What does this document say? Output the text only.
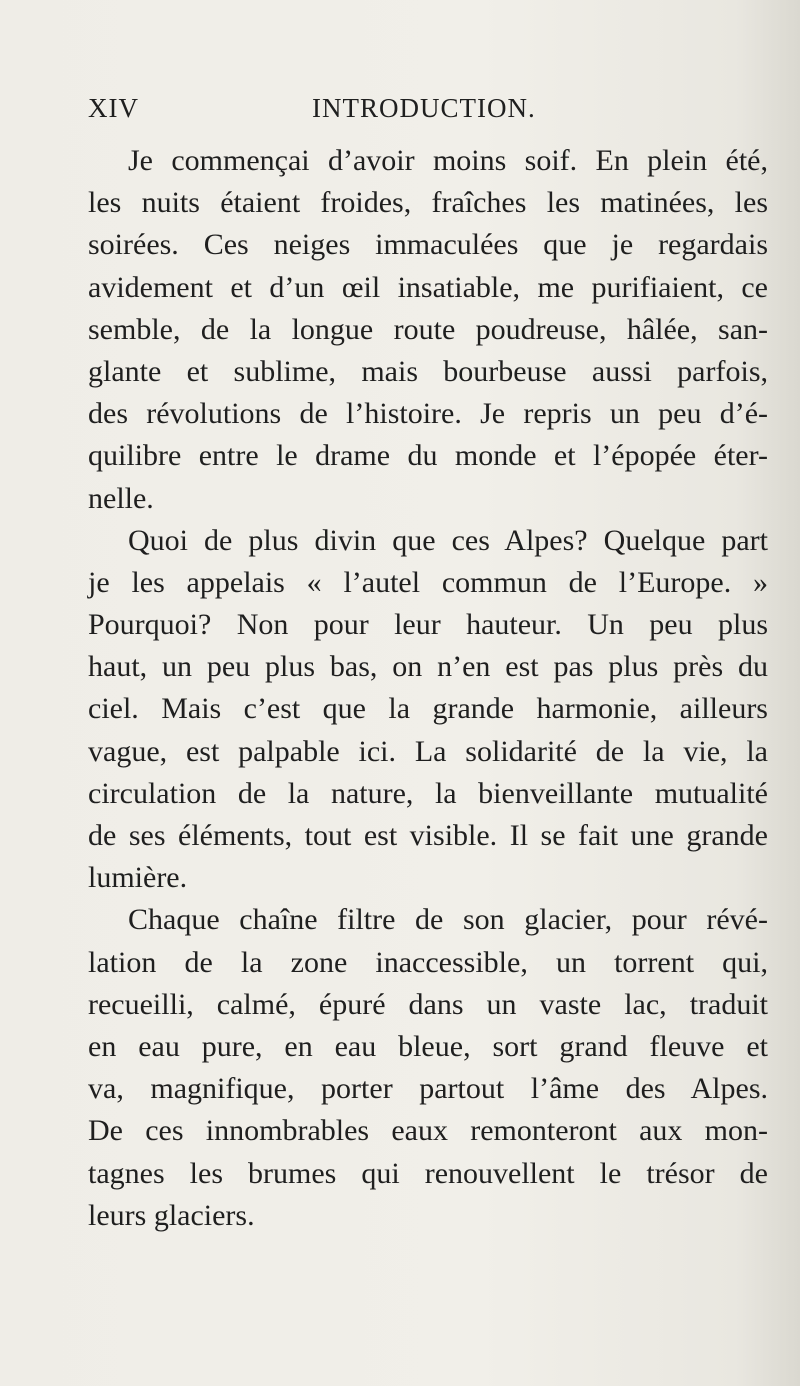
XIV	INTRODUCTION.
Je commençai d’avoir moins soif. En plein été,
les nuits étaient froides, fraîches les matinées, les
soirées. Ces neiges immaculées que je regardais
avidement et d’un œil insatiable, me purifiaient, ce
semble, de la longue route poudreuse, hâlée, san-
glante et sublime, mais bourbeuse aussi parfois,
des révolutions de l’histoire. Je repris un peu d’é-
quilibre entre le drame du monde et l’épopée éter-
nelle.
Quoi de plus divin que ces Alpes? Quelque part
je les appelais « l’autel commun de l’Europe. »
Pourquoi? Non pour leur hauteur. Un peu plus
haut, un peu plus bas, on n’en est pas plus près du
ciel. Mais c’est que la grande harmonie, ailleurs
vague, est palpable ici. La solidarité de la vie, la
circulation de la nature, la bienveillante mutualité
de ses éléments, tout est visible. Il se fait une grande
lumière.
Chaque chaîne filtre de son glacier, pour révé-
lation de la zone inaccessible, un torrent qui,
recueilli, calmé, épuré dans un vaste lac, traduit
en eau pure, en eau bleue, sort grand fleuve et
va, magnifique, porter partout l’âme des Alpes.
De ces innombrables eaux remonteront aux mon-
tagnes les brumes qui renouvellent le trésor de
leurs glaciers.
